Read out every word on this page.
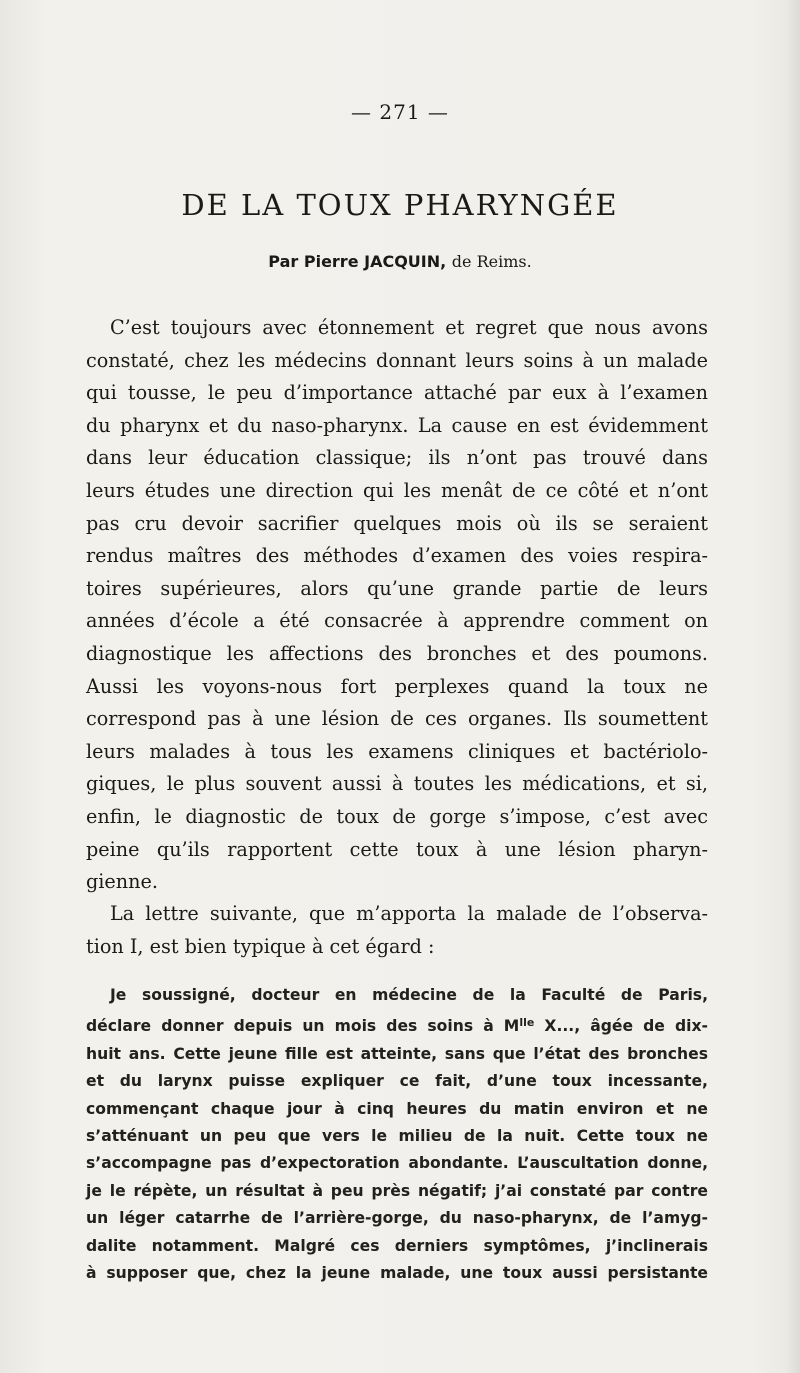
— 271 —
DE LA TOUX PHARYNGÉE
Par Pierre JACQUIN, de Reims.
C’est toujours avec étonnement et regret que nous avons
constaté, chez les médecins donnant leurs soins à un malade
qui tousse, le peu d’importance attaché par eux à l’examen
du pharynx et du naso-pharynx. La cause en est évidemment
dans leur éducation classique; ils n’ont pas trouvé dans
leurs études une direction qui les menât de ce côté et n’ont
pas cru devoir sacrifier quelques mois où ils se seraient
rendus maîtres des méthodes d’examen des voies respira-
toires supérieures, alors qu’une grande partie de leurs
années d’école a été consacrée à apprendre comment on
diagnostique les affections des bronches et des poumons.
Aussi les voyons-nous fort perplexes quand la toux ne
correspond pas à une lésion de ces organes. Ils soumettent
leurs malades à tous les examens cliniques et bactériolo-
giques, le plus souvent aussi à toutes les médications, et si,
enfin, le diagnostic de toux de gorge s’impose, c’est avec
peine qu’ils rapportent cette toux à une lésion pharyn-
gienne.
La lettre suivante, que m’apporta la malade de l’observa-
tion I, est bien typique à cet égard :
Je soussigné, docteur en médecine de la Faculté de Paris,
déclare donner depuis un mois des soins à $M^{lle}$ X..., âgée de dix-
huit ans. Cette jeune fille est atteinte, sans que l’état des bronches
et du larynx puisse expliquer ce fait, d’une toux incessante,
commençant chaque jour à cinq heures du matin environ et ne
s’atténuant un peu que vers le milieu de la nuit. Cette toux ne
s’accompagne pas d’expectoration abondante. L’auscultation donne,
je le répète, un résultat à peu près négatif; j’ai constaté par contre
un léger catarrhe de l’arrière-gorge, du naso-pharynx, de l’amyg-
dalite notamment. Malgré ces derniers symptômes, j’inclinerais
à supposer que, chez la jeune malade, une toux aussi persistante
